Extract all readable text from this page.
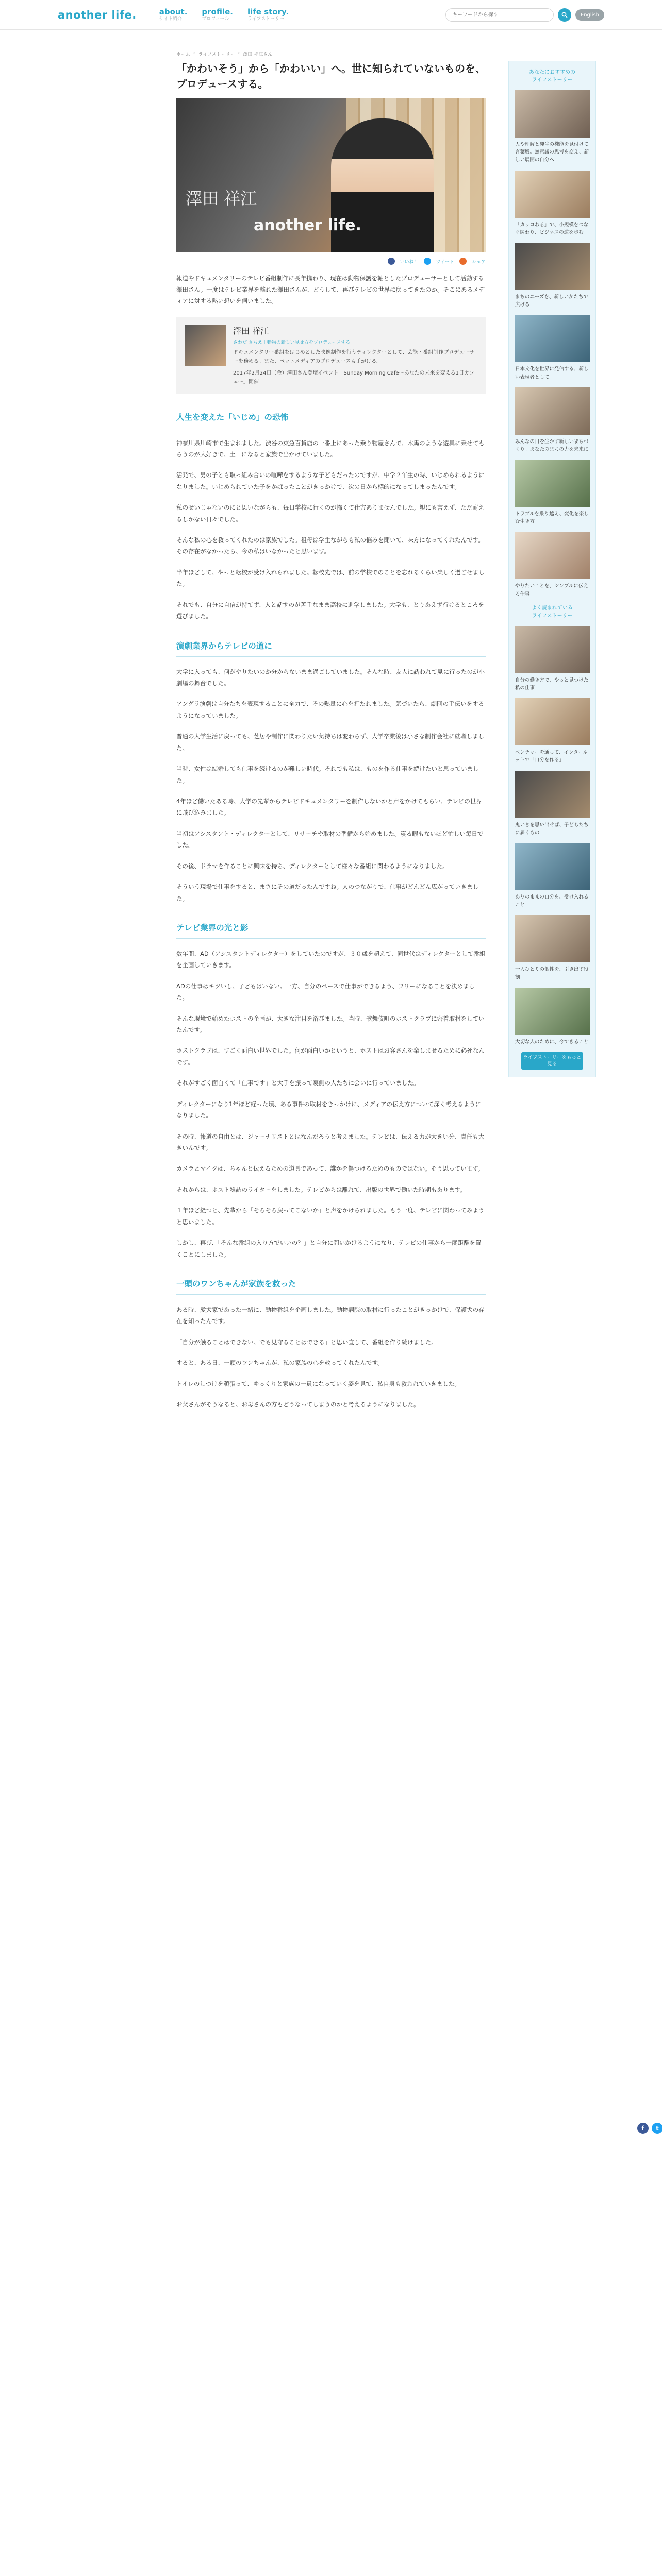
another life.	about.
サイト紹介
profile.
プロフィール
life story.
ライフストーリー
キーワードから探す
English
ホーム › ライフストーリー › 澤田 祥江さん
「かわいそう」から「かわいい」へ。世に知られていないものを、プロデュースする。
澤田 祥江
another life.
いいね！	ツイート	シェア

報道やドキュメンタリーのテレビ番組制作に長年携わり、現在は動物保護を軸としたプロデューサーとして活動する澤田さん。一度はテレビ業界を離れた澤田さんが、どうして、再びテレビの世界に戻ってきたのか。そこにあるメディアに対する熱い想いを伺いました。

澤田 祥江
さわだ さちえ｜動物の新しい見せ方をプロデュースする
ドキュメンタリー番組をはじめとした映像制作を行うディレクターとして、芸能・番組制作プロデューサーを務める。また、ペットメディアのプロデュースも手がける。
2017年2月24日（金）澤田さん登壇イベント「Sunday Morning Cafe～あなたの未来を変える1日カフェ～」開催！
人生を変えた「いじめ」の恐怖

神奈川県川崎市で生まれました。渋谷の東急百貨店の一番上にあった乗り物屋さんで、木馬のような遊具に乗せてもらうのが大好きで、土日になると家族で出かけていました。

活発で、男の子とも取っ組み合いの喧嘩をするような子どもだったのですが、中学２年生の時、いじめられるようになりました。いじめられていた子をかばったことがきっかけで、次の日から標的になってしまったんです。

私のせいじゃないのにと思いながらも、毎日学校に行くのが怖くて仕方ありませんでした。親にも言えず、ただ耐えるしかない日々でした。

そんな私の心を救ってくれたのは家族でした。祖母は学生ながらも私の悩みを聞いて、味方になってくれたんです。その存在がなかったら、今の私はいなかったと思います。

半年ほどして、やっと転校が受け入れられました。転校先では、前の学校でのことを忘れるくらい楽しく過ごせました。

それでも、自分に自信が持てず、人と話すのが苦手なまま高校に進学しました。大学も、とりあえず行けるところを選びました。

演劇業界からテレビの道に

大学に入っても、何がやりたいのか分からないまま過ごしていました。そんな時、友人に誘われて見に行ったのが小劇場の舞台でした。

アングラ演劇は自分たちを表現することに全力で、その熱量に心を打たれました。気づいたら、劇団の手伝いをするようになっていました。

普通の大学生活に戻っても、芝居や制作に関わりたい気持ちは変わらず、大学卒業後は小さな制作会社に就職しました。

当時、女性は結婚しても仕事を続けるのが難しい時代。それでも私は、ものを作る仕事を続けたいと思っていました。

4年ほど働いたある時、大学の先輩からテレビドキュメンタリーを制作しないかと声をかけてもらい、テレビの世界に飛び込みました。

当初はアシスタント・ディレクターとして、リサーチや取材の準備から始めました。寝る暇もないほど忙しい毎日でした。

その後、ドラマを作ることに興味を持ち、ディレクターとして様々な番組に関わるようになりました。

そういう現場で仕事をすると、まさにその道だったんですね。人のつながりで、仕事がどんどん広がっていきました。

テレビ業界の光と影

数年間、AD（アシスタントディレクター）をしていたのですが、３０歳を超えて、同世代はディレクターとして番組を企画していきます。

ADの仕事はキツいし、子どもはいない。一方、自分のペースで仕事ができるよう、フリーになることを決めました。

そんな環境で始めたホストの企画が、大きな注目を浴びました。当時、歌舞伎町のホストクラブに密着取材をしていたんです。

ホストクラブは、すごく面白い世界でした。何が面白いかというと、ホストはお客さんを楽しませるために必死なんです。

それがすごく面白くて「仕事です」と大手を振って裏側の人たちに会いに行っていました。

ディレクターになり1年ほど経った頃、ある事件の取材をきっかけに、メディアの伝え方について深く考えるようになりました。

その時、報道の自由とは、ジャーナリストとはなんだろうと考えました。テレビは、伝える力が大きい分、責任も大きいんです。

カメラとマイクは、ちゃんと伝えるための道具であって、誰かを傷つけるためのものではない。そう思っています。

それからは、ホスト雑誌のライターをしました。テレビからは離れて、出版の世界で働いた時期もあります。

１年ほど経つと、先輩から「そろそろ戻ってこないか」と声をかけられました。もう一度、テレビに関わってみようと思いました。

しかし、再び、「そんな番組の入り方でいいの？」と自分に問いかけるようになり、テレビの仕事から一度距離を置くことにしました。

一頭のワンちゃんが家族を救った

ある時、愛犬家であった一緒に、動物番組を企画しました。動物病院の取材に行ったことがきっかけで、保護犬の存在を知ったんです。

「自分が触ることはできない。でも見守ることはできる」と思い直して、番組を作り続けました。

すると、ある日、一頭のワンちゃんが、私の家族の心を救ってくれたんです。

トイレのしつけを頑張って、ゆっくりと家族の一員になっていく姿を見て、私自身も救われていきました。

お父さんがそうなると、お母さんの方もどうなってしまうのかと考えるようになりました。

あなたにおすすめの
ライフストーリー
人や理解と発生の機能を見付けて言葉版。無意識の思考を変え、新しい展開の自分へ
「カッコわる」で、小規模をつなぐ関わり、ビジネスの道を歩む
まちのニーズを、新しいかたちで広げる
日本文化を世界に発信する、新しい表現者として
みんなの目を生かす新しいまちづくり。あなたのまちの力を未来に
トラブルを乗り越え、変化を楽しむ生き方
やりたいことを、シンプルに伝える仕事
よく読まれている
ライフストーリー
自分の働き方で、やっと見つけた私の仕事
ベンチャーを通して、インターネットで「自分を作る」
鬼いきを思い出せば、子どもたちに届くもの
ありのままの自分を、受け入れること
一人ひとりの個性を、引き出す役割
大切な人のために、今できること
ライフストーリーをもっと見る
f t
